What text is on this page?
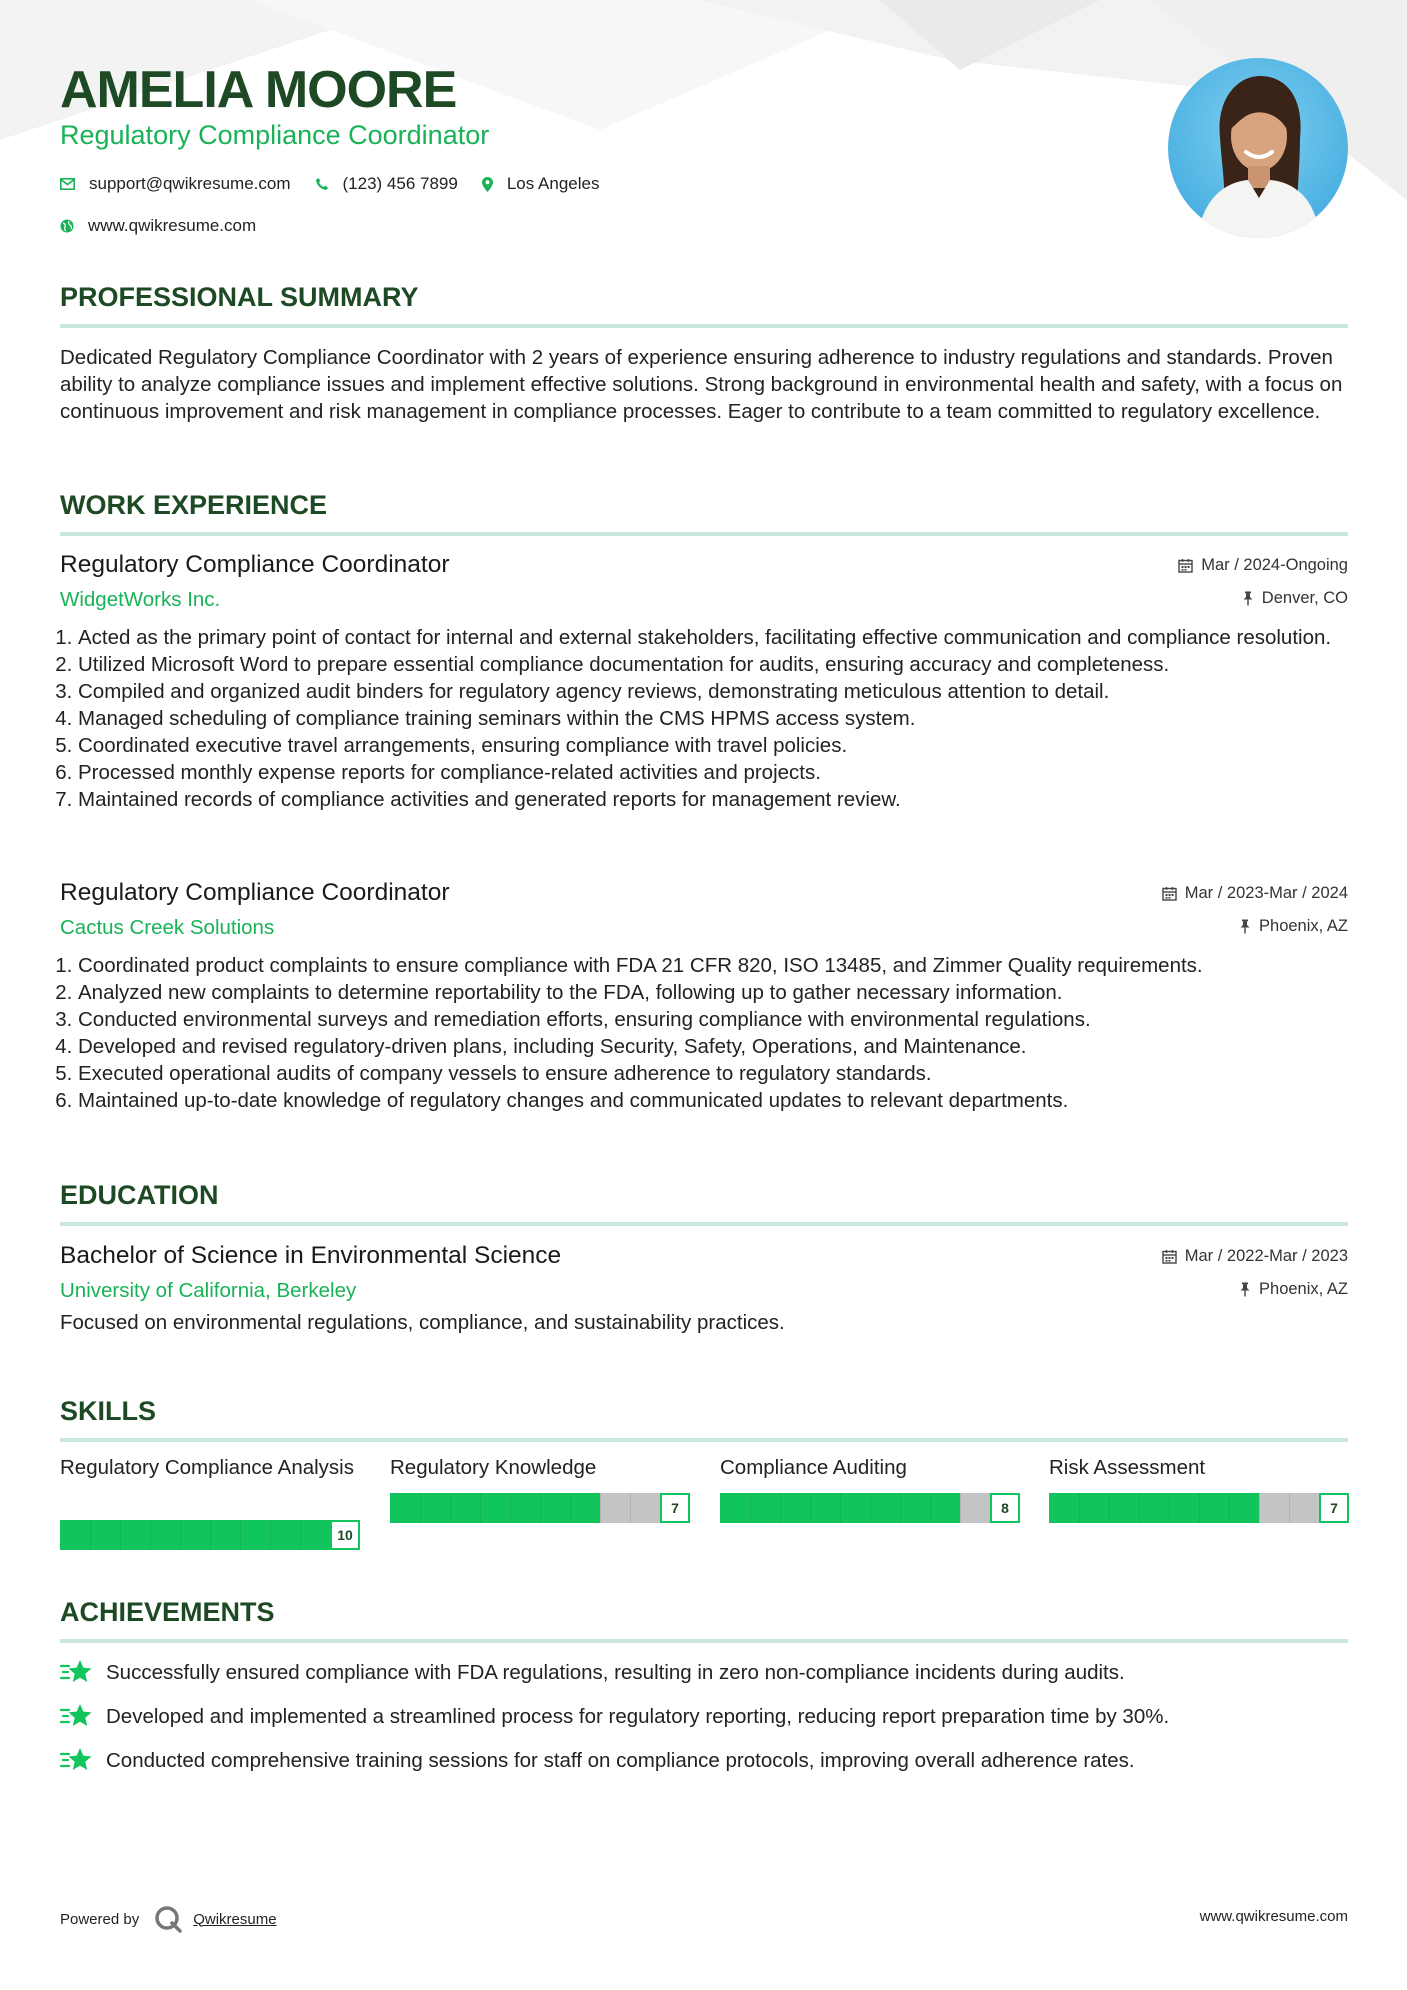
AMELIA MOORE
Regulatory Compliance Coordinator
support@qwikresume.com	(123) 456 7899	Los Angeles
www.qwikresume.com
PROFESSIONAL SUMMARY
Dedicated Regulatory Compliance Coordinator with 2 years of experience ensuring adherence to industry regulations and standards. Proven ability to analyze compliance issues and implement effective solutions. Strong background in environmental health and safety, with a focus on continuous improvement and risk management in compliance processes. Eager to contribute to a team committed to regulatory excellence.
WORK EXPERIENCE
Regulatory Compliance Coordinator
WidgetWorks Inc.
Mar / 2024-Ongoing
Denver, CO
1. Acted as the primary point of contact for internal and external stakeholders, facilitating effective communication and compliance resolution.
2. Utilized Microsoft Word to prepare essential compliance documentation for audits, ensuring accuracy and completeness.
3. Compiled and organized audit binders for regulatory agency reviews, demonstrating meticulous attention to detail.
4. Managed scheduling of compliance training seminars within the CMS HPMS access system.
5. Coordinated executive travel arrangements, ensuring compliance with travel policies.
6. Processed monthly expense reports for compliance-related activities and projects.
7. Maintained records of compliance activities and generated reports for management review.
Regulatory Compliance Coordinator
Cactus Creek Solutions
Mar / 2023-Mar / 2024
Phoenix, AZ
1. Coordinated product complaints to ensure compliance with FDA 21 CFR 820, ISO 13485, and Zimmer Quality requirements.
2. Analyzed new complaints to determine reportability to the FDA, following up to gather necessary information.
3. Conducted environmental surveys and remediation efforts, ensuring compliance with environmental regulations.
4. Developed and revised regulatory-driven plans, including Security, Safety, Operations, and Maintenance.
5. Executed operational audits of company vessels to ensure adherence to regulatory standards.
6. Maintained up-to-date knowledge of regulatory changes and communicated updates to relevant departments.
EDUCATION
Bachelor of Science in Environmental Science
University of California, Berkeley
Mar / 2022-Mar / 2023
Phoenix, AZ
Focused on environmental regulations, compliance, and sustainability practices.
SKILLS
Regulatory Compliance Analysis
10
Regulatory Knowledge
7
Compliance Auditing
8
Risk Assessment
7
ACHIEVEMENTS
Successfully ensured compliance with FDA regulations, resulting in zero non-compliance incidents during audits.
Developed and implemented a streamlined process for regulatory reporting, reducing report preparation time by 30%.
Conducted comprehensive training sessions for staff on compliance protocols, improving overall adherence rates.
Powered by	Qwikresume	www.qwikresume.com
